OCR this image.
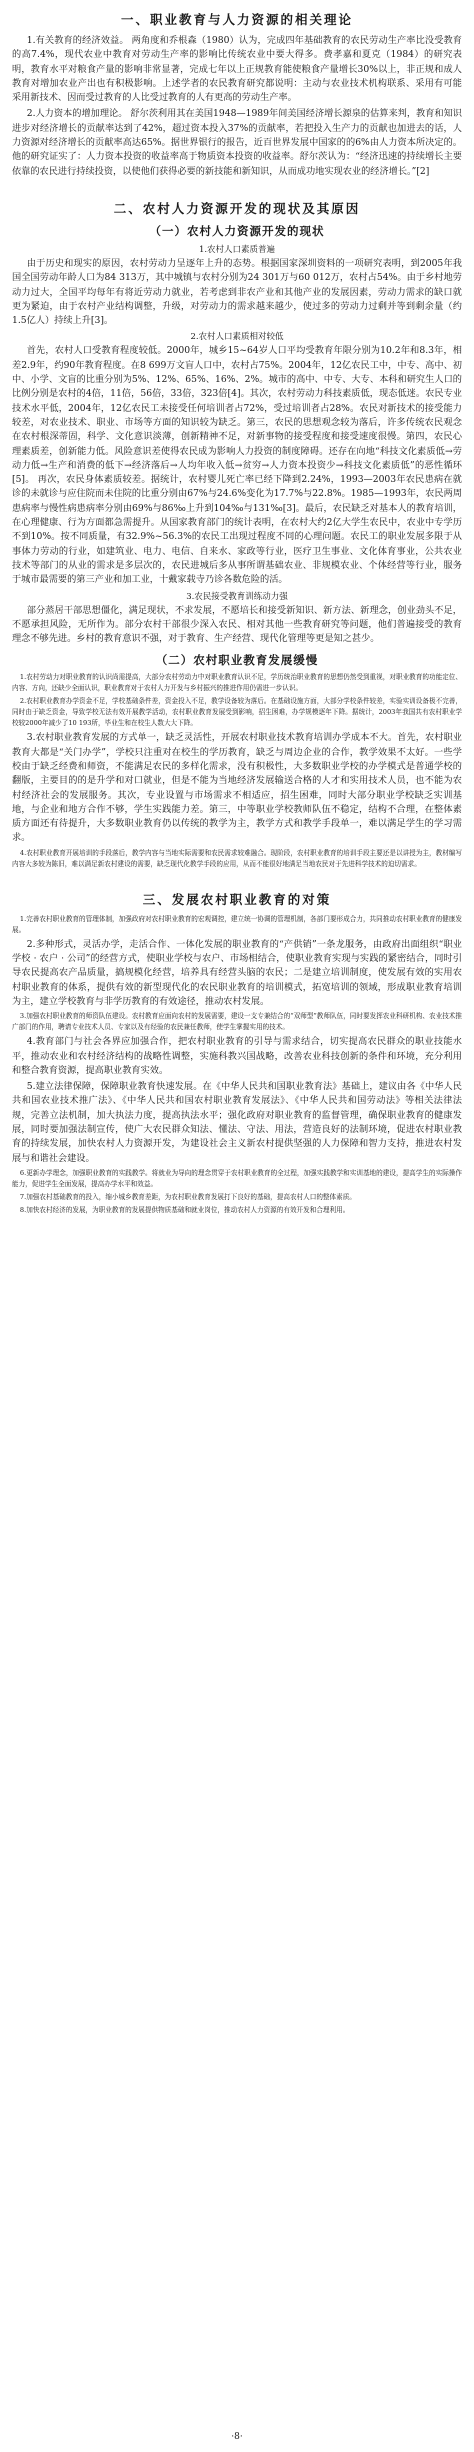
一、职业教育与人力资源的相关理论

1.有关教育的经济效益。 两角度和乔根森（1980）认为，完成四年基础教育的农民劳动生产率比没受教育的高7.4%，现代农业中教育对劳动生产率的影响比传统农业中要大得多。费孝嘉和夏克（1984）的研究表明，教育水平对粮食产量的影响非常显著，完成七年以上正规教育能使粮食产量增长30%以上，非正规和成人教育对增加农业产出也有积极影响。上述学者的农民教育研究都说明：主动与农业技术机构联系、采用有可能采用新技术、因而受过教育的人比受过教育的人有更高的劳动生产率。

2.人力资本的增加理论。 舒尔茨利用其在美国1948—1989年间美国经济增长源泉的估算来判，教育和知识进步对经济增长的贡献率达到了42%，超过资本投入37%的贡献率，若把投入生产力的贡献也加进去的话，人力资源对经济增长的贡献率高达65%。据世界银行的报告，近百世界发展中国家的的6%由人力资本所决定的。他的研究证实了：人力资本投资的收益率高于物质资本投资的收益率。舒尔茨认为：“经济迅速的持续增长主要依靠的农民进行持续投资，以使他们获得必要的新技能和新知识，从而成功地实现农业的经济增长。”[2]

二、农村人力资源开发的现状及其原因
（一）农村人力资源开发的现状
1.农村人口素质普遍

由于历史和现实的原因，农村劳动力呈逐年上升的态势。根据国家深圳资料的一项研究表明，到2005年我国全国劳动年龄人口为84 313万，其中城镇与农村分别为24 301万与60 012万，农村占54%。由于乡村地劳动力过大，全国平均每年有将近劳动力就业，若考虑到非农产业和其他产业的发展因素，劳动力需求的缺口就更为紧迫，由于农村产业结构调整，升级，对劳动力的需求越来越少，使过多的劳动力过剩并等到剩余量（约1.5亿人）持续上升[3]。

2.农村人口素质相对较低

首先，农村人口受教育程度较低。2000年，城乡15~64岁人口平均受教育年限分别为10.2年和8.3年，相差2.9年，约90年教育程度。在8 699万文盲人口中，农村占75%。2004年，12亿农民工中，中专、高中、初中、小学、文盲的比重分别为5%、12%、65%、16%、2%。城市的高中、中专、大专、本科和研究生人口的比例分别是农村的4倍，11倍，56倍，33倍，323倍[4]。其次，农村劳动力科技素质低，现态低迷。农民专业技术水平低，2004年，12亿农民工未接受任何培训者占72%，受过培训者占28%。农民对新技术的接受能力较差，对农业技术、职业、市场等方面的知识较为缺乏。第三，农民的思想观念较为落后，许多传统农民观念在农村根深蒂固，科学、文化意识淡薄，创新精神不足，对新事物的接受程度和接受速度很慢。第四，农民心理素质差，创新能力低。风险意识差使得农民成为影响人力投资的制度障碍。还存在向地“科技文化素质低→劳动力低→生产和消费的低下→经济落后→人均年收入低→贫穷→人力资本投资少→科技文化素质低”的恶性循环[5]。 再次，农民身体素质较差。据统计，农村婴儿死亡率已经下降到2.24%，1993—2003年农民患病在就诊的未就诊与应住院而未住院的比重分别由67%与24.6%变化为17.7%与22.8%。1985—1993年，农民两周患病率与慢性病患病率分别由69%与86‰上升到104‰与131‰[3]。最后，农民缺乏对基本人的教育培训，在心理健康、行为方面都急需提升。从国家教育部门的统计表明，在农村大约2亿大学生农民中，农业中专学历不到10%。按不同质量，有32.9%~56.3%的农民工出现过程度不同的心理问题。农民工的职业发展多限于从事体力劳动的行业，如建筑业、电力、电信、自来水、家政等行业，医疗卫生事业、文化体育事业，公共农业技术等部门的从业的需求是多层次的，农民进城后多从事所谓基础农业、非规模农业、个体经营等行业，服务于城市最需要的第三产业和加工业，十戴家载寺乃诊各数危险的活。

3.农民接受教育训练动力强

部分蒸居干部思想僵化，满足现状，不求发展，不愿培长和接受新知识、新方法、新理念，创业劲头不足，不愿承担风险，无所作为。部分农村干部很少深入农民、相对其他一些教育研究等问题，他们普遍接受的教育理念不够先进。乡村的教育意识不强，对于教育、生产经营、现代化管理等更是知之甚少。

（二）农村职业教育发展缓慢

1.农村劳动力对职业教育的认识尚需提高，大部分农村劳动力中对职业教育认识不足，学历统治职业教育的思想仍然受到重视，对职业教育的功能定位、内容、方向，还缺少全面认识，职业教育对于农村人力开发与乡村振兴的推进作用仍需进一步认识。

2.农村职业教育办学资金不足，学校基础条件差，资金投入不足，教学设备较为落后。在基础设施方面，大部分学校条件较差，实验实训设备极不完善，同时由于缺乏资金，导致学校无法有效开展教学活动，农村职业教育发展受到影响，招生困难，办学规模逐年下降。据统计，2003年我国共有农村职业学校较2000年减少了10 193所，毕业生和在校生人数大大下降。

3.农村职业教育发展的方式单一，缺乏灵活性，开展农村职业技术教育培训办学成本不大。首先，农村职业教育大都是“关门办学”，学校只注重对在校生的学历教育，缺乏与周边企业的合作，教学效果不太好。一些学校由于缺乏经费和师资，不能满足农民的多样化需求，没有积极性，大多数职业学校的办学模式是普通学校的翻版，主要目的的是升学和对口就业，但是不能为当地经济发展输送合格的人才和实用技术人员，也不能为农村经济社会的发展服务。其次，专业设置与市场需求不相适应，招生困难，同时大部分职业学校缺乏实训基地，与企业和地方合作不够，学生实践能力差。第三，中等职业学校教师队伍不稳定，结构不合理，在整体素质方面还有待提升，大多数职业教育仍以传统的教学为主，教学方式和教学手段单一，难以满足学生的学习需求。

4.农村职业教育开展培训的手段落后，教学内容与当地实际需要和农民需求较难融合。现阶段，农村职业教育的培训手段主要还是以讲授为主，教材编写内容大多较为陈旧，难以满足新农村建设的需要，缺乏现代化教学手段的应用，从而不能很好地满足当地农民对于先进科学技术的迫切需求。

三、发展农村职业教育的对策

1.完善农村职业教育的管理体制，加强政府对农村职业教育的宏观调控，建立统一协调的管理机制，各部门要形成合力，共同推动农村职业教育的健康发展。

2.多种形式，灵活办学，走活合作、一体化发展的职业教育的“产供销”一条龙服务，由政府出面组织“职业学校 · 农户 · 公司”的经营方式，使职业学校与农户、市场相结合，使职业教育实现与实践的紧密结合，同时引导农民提高农产品质量，搞规模化经营，培养具有经营头脑的农民；二是建立培训制度，使发展有效的实用农村职业教育的体系，提供有效的新型现代化的农民职业教育的培训模式，拓宽培训的领域，形成职业教育培训为主，建立学校教育与非学历教育的有效途径，推动农村发展。

3.加强农村职业教育的师资队伍建设。农村教育应面向农村的发展需要，建设一支专兼结合的“双师型”教师队伍，同时要发挥农业科研机构、农业技术推广部门的作用，聘请专业技术人员、专家以及有经验的农民兼任教师，使学生掌握实用的技术。

4.教育部门与社会各界应加强合作，把农村职业教育的引导与需求结合，切实提高农民群众的职业技能水平，推动农业和农村经济结构的战略性调整，实施科教兴国战略，改善农业科技创新的条件和环境，充分利用和整合教育资源，提高职业教育实效。

5.建立法律保障，保障职业教育快速发展。在《中华人民共和国职业教育法》基础上，建议由各《中华人民共和国农业技术推广法》、《中华人民共和国农村职业教育发展法》、《中华人民共和国劳动法》等相关法律法规，完善立法机制，加大执法力度，提高执法水平；强化政府对职业教育的监督管理，确保职业教育的健康发展，同时要加强法制宣传，使广大农民群众知法、懂法、守法、用法，营造良好的法制环境，促进农村职业教育的持续发展，加快农村人力资源开发，为建设社会主义新农村提供坚强的人力保障和智力支持，推进农村发展与和谐社会建设。

6.更新办学理念，加强职业教育的实践教学。将就业为导向的理念贯穿于农村职业教育的全过程，加强实践教学和实训基地的建设，提高学生的实际操作能力，促进学生全面发展，提高办学水平和效益。

7.加强农村基础教育的投入，缩小城乡教育差距，为农村职业教育发展打下良好的基础，提高农村人口的整体素质。

8.加快农村经济的发展，为职业教育的发展提供物质基础和就业岗位，推动农村人力资源的有效开发和合理利用。

·8·
